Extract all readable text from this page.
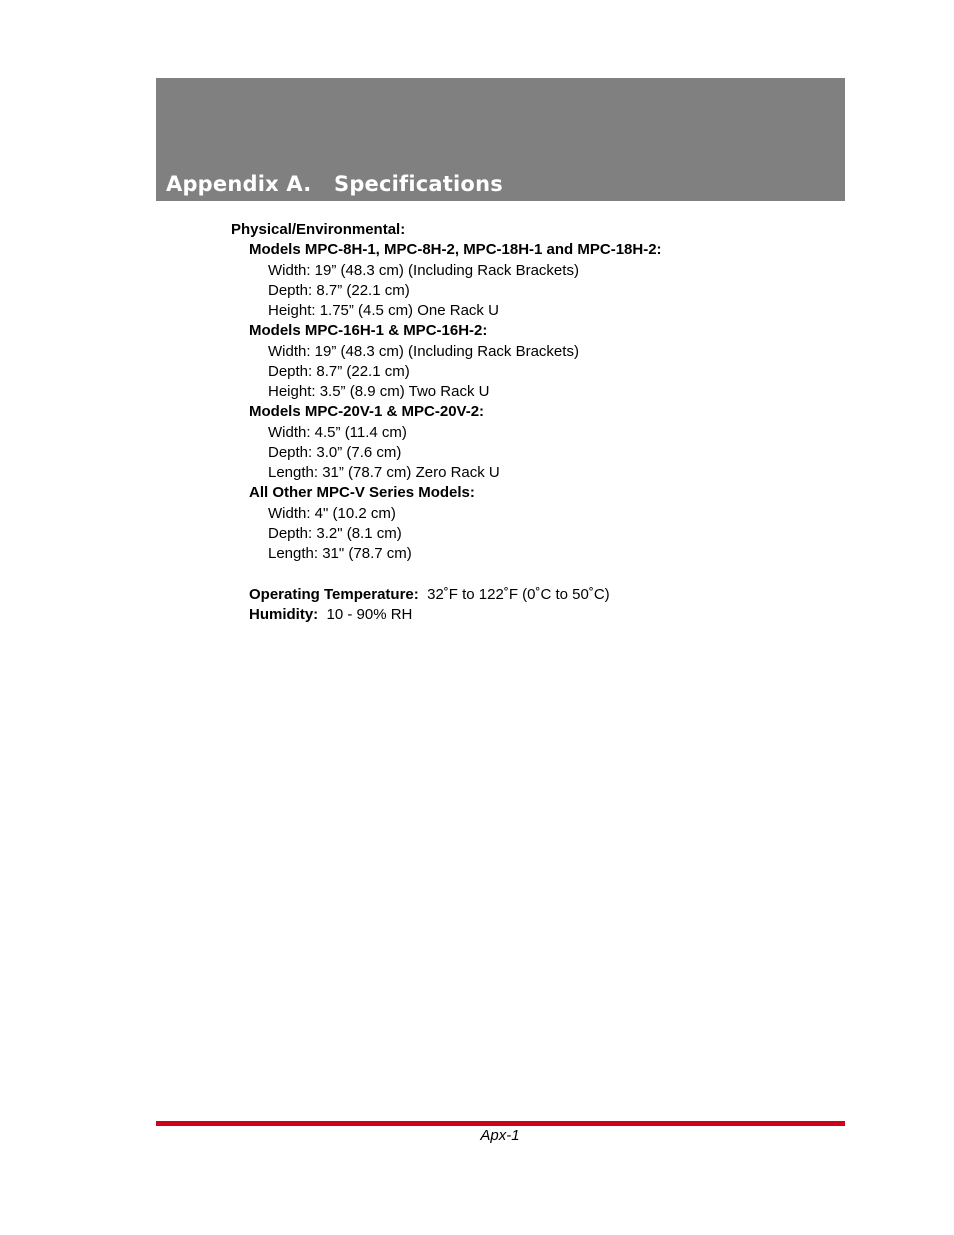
Appendix A. Specifications
Physical/Environmental:
Models MPC-8H-1, MPC-8H-2, MPC-18H-1 and MPC-18H-2:
Width: 19” (48.3 cm) (Including Rack Brackets)
Depth: 8.7” (22.1 cm)
Height: 1.75” (4.5 cm) One Rack U
Models MPC-16H-1 & MPC-16H-2:
Width: 19” (48.3 cm) (Including Rack Brackets)
Depth: 8.7” (22.1 cm)
Height: 3.5” (8.9 cm) Two Rack U
Models MPC-20V-1 & MPC-20V-2:
Width: 4.5” (11.4 cm)
Depth: 3.0” (7.6 cm)
Length: 31” (78.7 cm) Zero Rack U
All Other MPC-V Series Models:
Width: 4" (10.2 cm)
Depth: 3.2" (8.1 cm)
Length: 31" (78.7 cm)
Operating Temperature: 32˚F to 122˚F (0˚C to 50˚C)
Humidity: 10 - 90% RH
Apx-1
